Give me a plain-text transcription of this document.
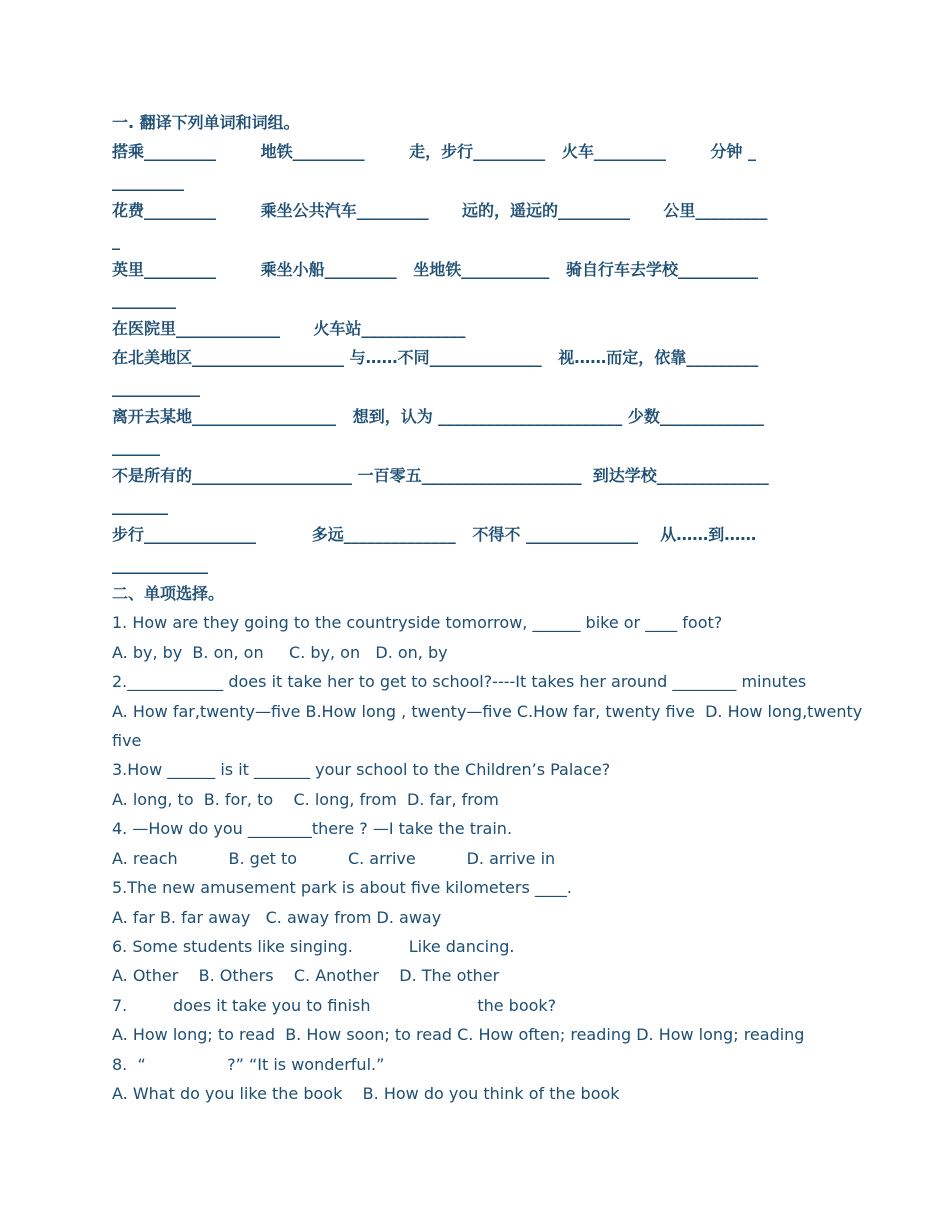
一. 翻译下列单词和词组。
搭乘_________        地铁_________        走，步行_________   火车_________        分钟 _
_________
花费_________        乘坐公共汽车_________      远的，遥远的_________      公里_________
_
英里_________        乘坐小船_________   坐地铁___________   骑自行车去学校__________
________
在医院里_____________      火车站_____________
在北美地区___________________ 与……不同______________   视……而定，依靠_________
___________
离开去某地__________________   想到，认为 _______________________ 少数_____________
______
不是所有的____________________ 一百零五____________________  到达学校______________
_______
步行______________          多远______________   不得不 ______________    从……到……
____________
二、单项选择。
1. How are they going to the countryside tomorrow, ______ bike or ____ foot?
A. by, by  B. on, on     C. by, on   D. on, by
2.____________ does it take her to get to school?----It takes her around ________ minutes
A. How far,twenty—five B.How long , twenty—five C.How far, twenty five  D. How long,twenty
five
3.How ______ is it _______ your school to the Children’s Palace?
A. long, to  B. for, to    C. long, from  D. far, from
4. —How do you ________there ? —I take the train.
A. reach          B. get to          C. arrive          D. arrive in
5.The new amusement park is about five kilometers ____.
A. far B. far away   C. away from D. away
6. Some students like singing.           Like dancing.
A. Other    B. Others    C. Another    D. The other
7.         does it take you to finish                     the book?
A. How long; to read  B. How soon; to read C. How often; reading D. How long; reading
8.  “                ?” “It is wonderful.”
A. What do you like the book    B. How do you think of the book
